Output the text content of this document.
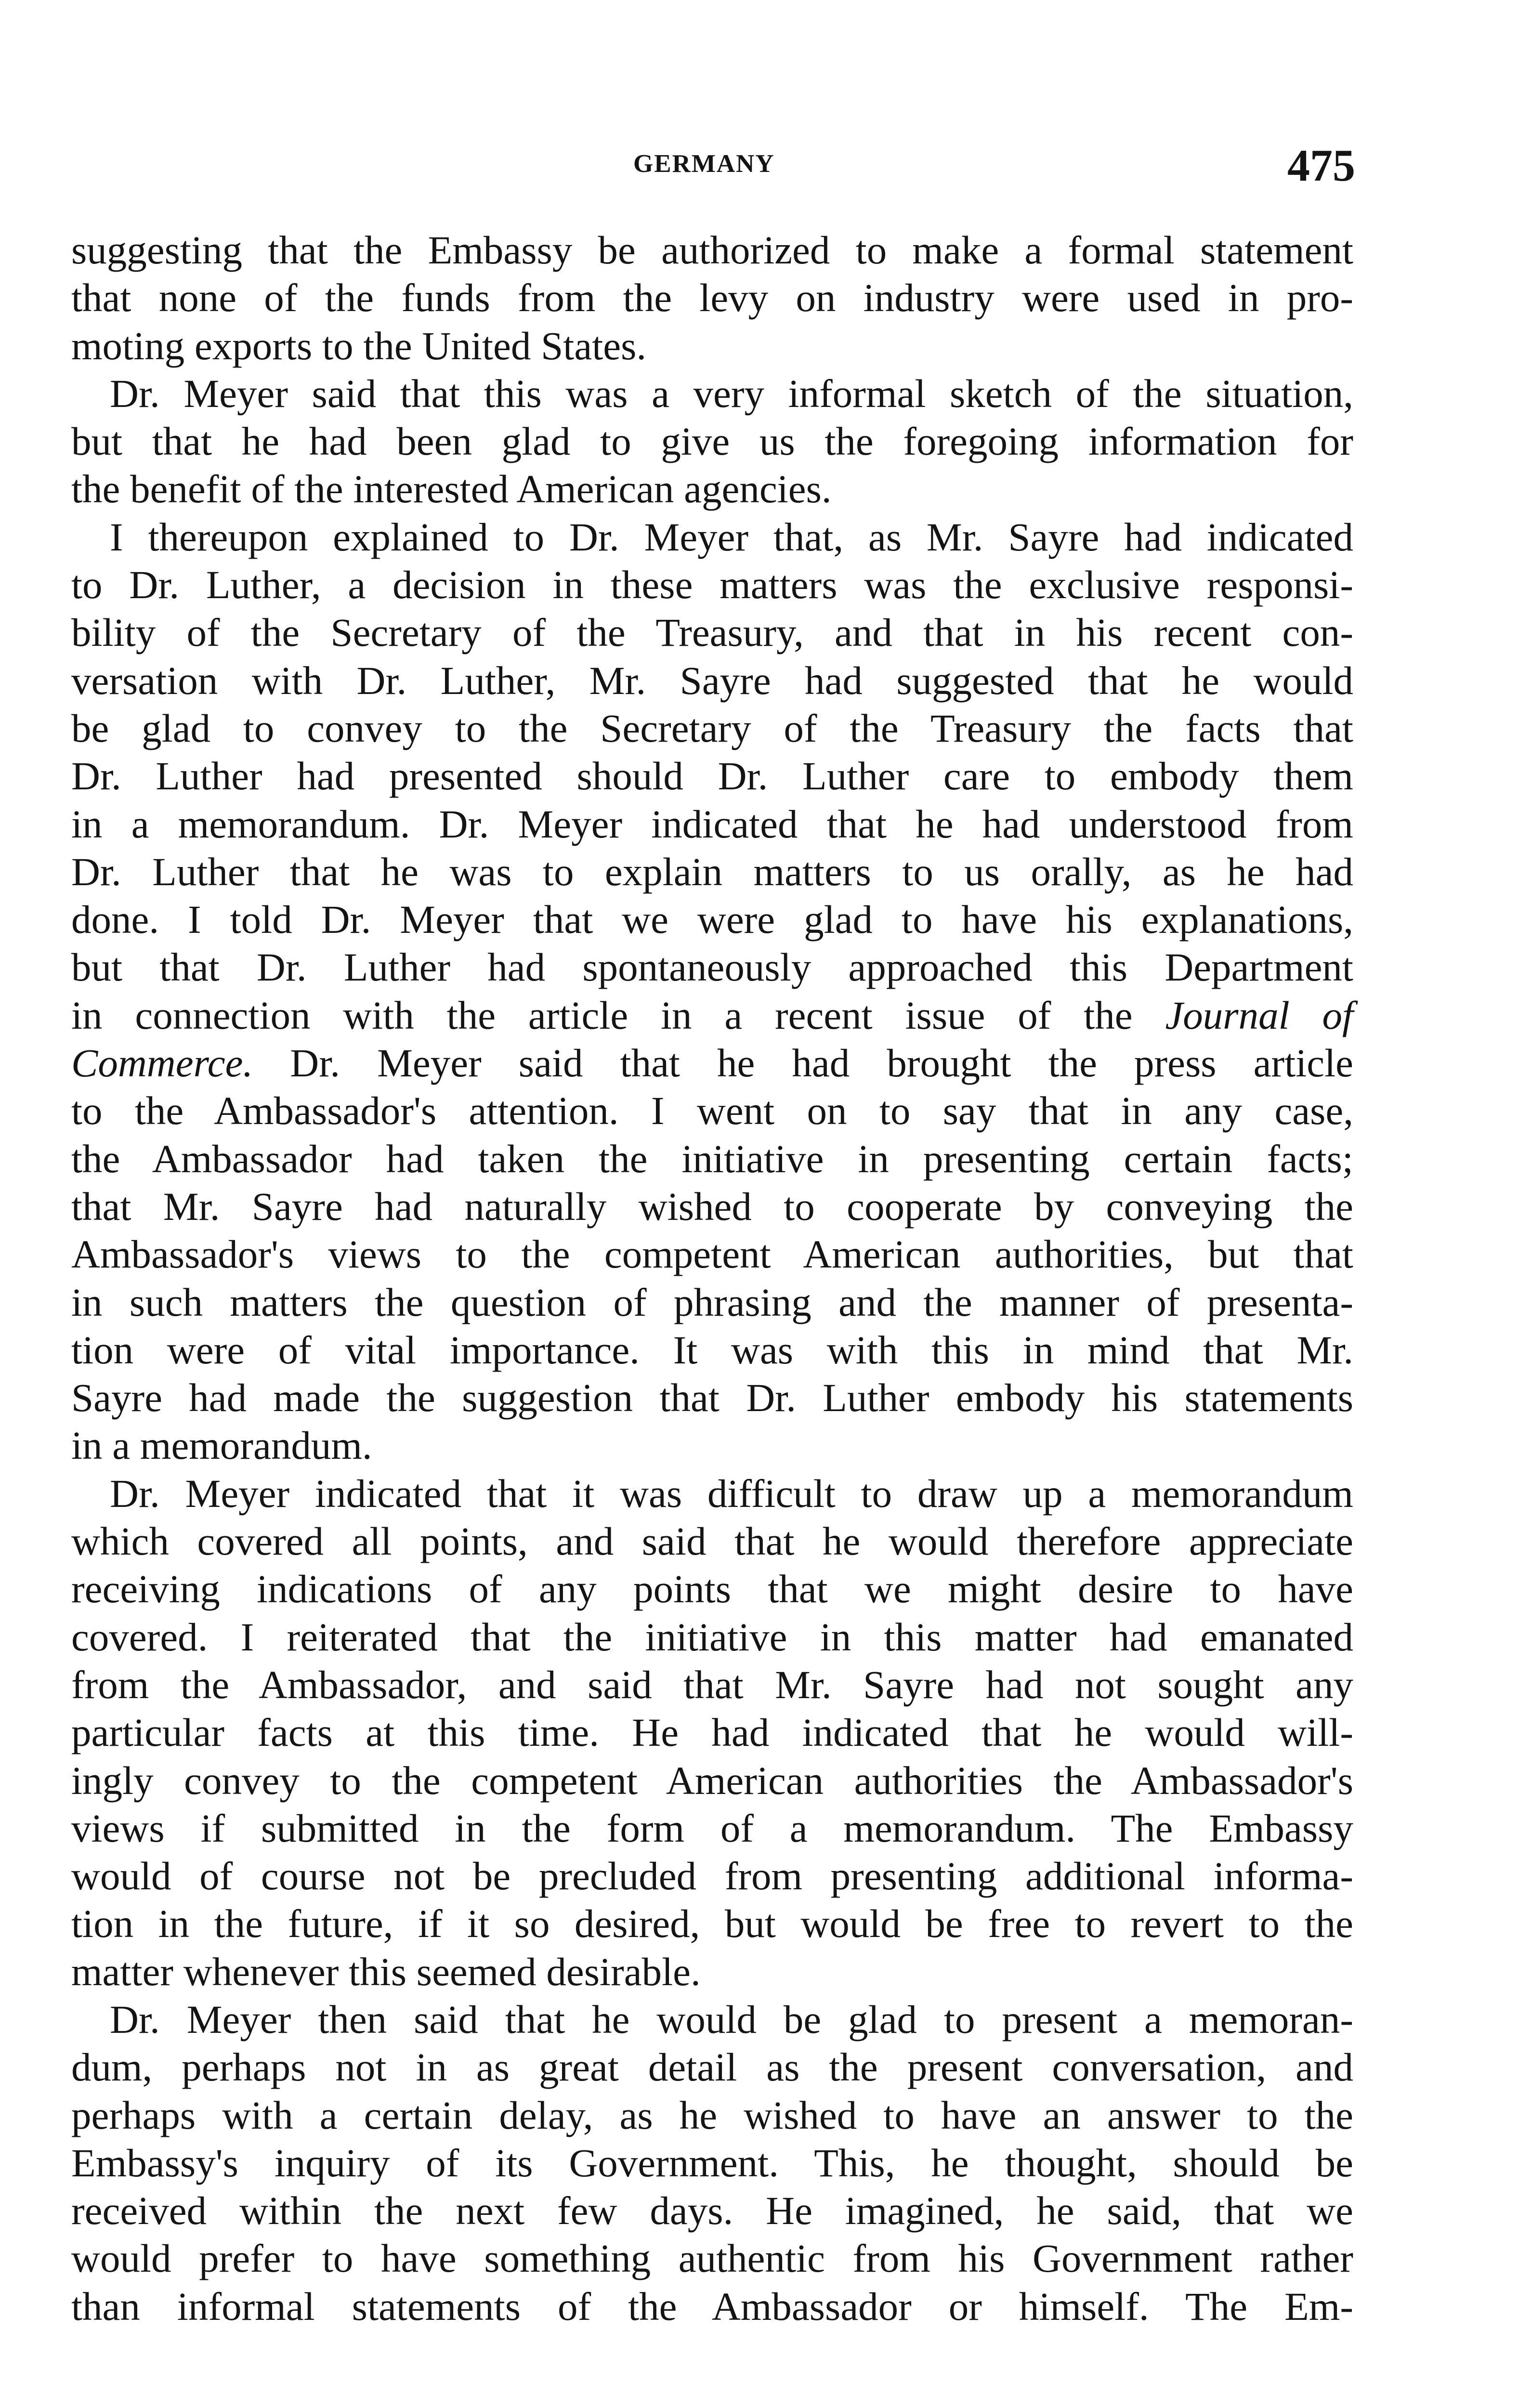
GERMANY	475
suggesting that the Embassy be authorized to make a formal statement
that none of the funds from the levy on industry were used in pro-
moting exports to the United States.
Dr. Meyer said that this was a very informal sketch of the situation,
but that he had been glad to give us the foregoing information for
the benefit of the interested American agencies.
I thereupon explained to Dr. Meyer that, as Mr. Sayre had indicated
to Dr. Luther, a decision in these matters was the exclusive responsi-
bility of the Secretary of the Treasury, and that in his recent con-
versation with Dr. Luther, Mr. Sayre had suggested that he would
be glad to convey to the Secretary of the Treasury the facts that
Dr. Luther had presented should Dr. Luther care to embody them
in a memorandum. Dr. Meyer indicated that he had understood from
Dr. Luther that he was to explain matters to us orally, as he had
done. I told Dr. Meyer that we were glad to have his explanations,
but that Dr. Luther had spontaneously approached this Department
in connection with the article in a recent issue of the Journal of
Commerce. Dr. Meyer said that he had brought the press article
to the Ambassador's attention. I went on to say that in any case,
the Ambassador had taken the initiative in presenting certain facts;
that Mr. Sayre had naturally wished to cooperate by conveying the
Ambassador's views to the competent American authorities, but that
in such matters the question of phrasing and the manner of presenta-
tion were of vital importance. It was with this in mind that Mr.
Sayre had made the suggestion that Dr. Luther embody his statements
in a memorandum.
Dr. Meyer indicated that it was difficult to draw up a memorandum
which covered all points, and said that he would therefore appreciate
receiving indications of any points that we might desire to have
covered. I reiterated that the initiative in this matter had emanated
from the Ambassador, and said that Mr. Sayre had not sought any
particular facts at this time. He had indicated that he would will-
ingly convey to the competent American authorities the Ambassador's
views if submitted in the form of a memorandum. The Embassy
would of course not be precluded from presenting additional informa-
tion in the future, if it so desired, but would be free to revert to the
matter whenever this seemed desirable.
Dr. Meyer then said that he would be glad to present a memoran-
dum, perhaps not in as great detail as the present conversation, and
perhaps with a certain delay, as he wished to have an answer to the
Embassy's inquiry of its Government. This, he thought, should be
received within the next few days. He imagined, he said, that we
would prefer to have something authentic from his Government rather
than informal statements of the Ambassador or himself. The Em-
